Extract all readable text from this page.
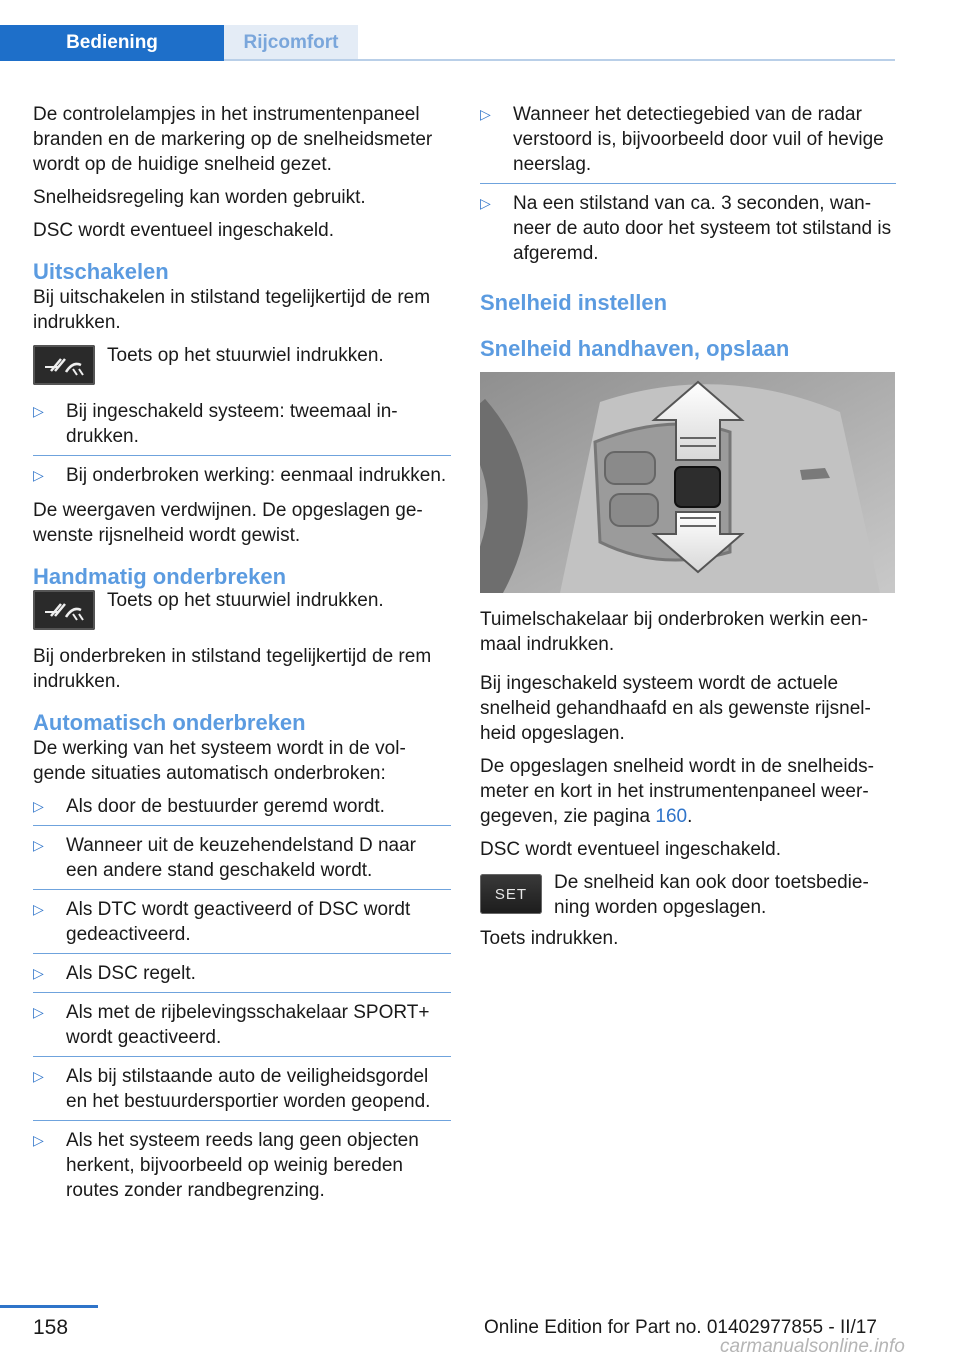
Bediening	Rijcomfort

De controlelampjes in het instrumentenpaneel branden en de markering op de snelheidsmeter wordt op de huidige snelheid gezet.

Snelheidsregeling kan worden gebruikt.

DSC wordt eventueel ingeschakeld.

Uitschakelen

Bij uitschakelen in stilstand tegelijkertijd de rem indrukken.

Toets op het stuurwiel indrukken.
▷ Bij ingeschakeld systeem: tweemaal indrukken.
▷ Bij onderbroken werking: eenmaal indrukken.

De weergaven verdwijnen. De opgeslagen gewenste rijsnelheid wordt gewist.

Handmatig onderbreken
Toets op het stuurwiel indrukken.

Bij onderbreken in stilstand tegelijkertijd de rem indrukken.

Automatisch onderbreken

De werking van het systeem wordt in de volgende situaties automatisch onderbroken:

▷ Als door de bestuurder geremd wordt.
▷ Wanneer uit de keuzehendelstand D naar een andere stand geschakeld wordt.
▷ Als DTC wordt geactiveerd of DSC wordt gedeactiveerd.
▷ Als DSC regelt.
▷ Als met de rijbelevingsschakelaar SPORT+ wordt geactiveerd.
▷ Als bij stilstaande auto de veiligheidsgordel en het bestuurdersportier worden geopend.
▷ Als het systeem reeds lang geen objecten herkent, bijvoorbeeld op weinig bereden routes zonder randbegrenzing.
▷ Wanneer het detectiegebied van de radar verstoord is, bijvoorbeeld door vuil of hevige neerslag.
▷ Na een stilstand van ca. 3 seconden, wanneer de auto door het systeem tot stilstand is afgeremd.
Snelheid instellen
Snelheid handhaven, opslaan

Tuimelschakelaar bij onderbroken werkin eenmaal indrukken.

Bij ingeschakeld systeem wordt de actuele snelheid gehandhaafd en als gewenste rijsnelheid opgeslagen.

De opgeslagen snelheid wordt in de snelheidsmeter en kort in het instrumentenpaneel weergegeven, zie pagina 160.

DSC wordt eventueel ingeschakeld.

SET
De snelheid kan ook door toetsbediening worden opgeslagen.

Toets indrukken.

158	Online Edition for Part no. 01402977855 - II/17
carmanualsonline.info
